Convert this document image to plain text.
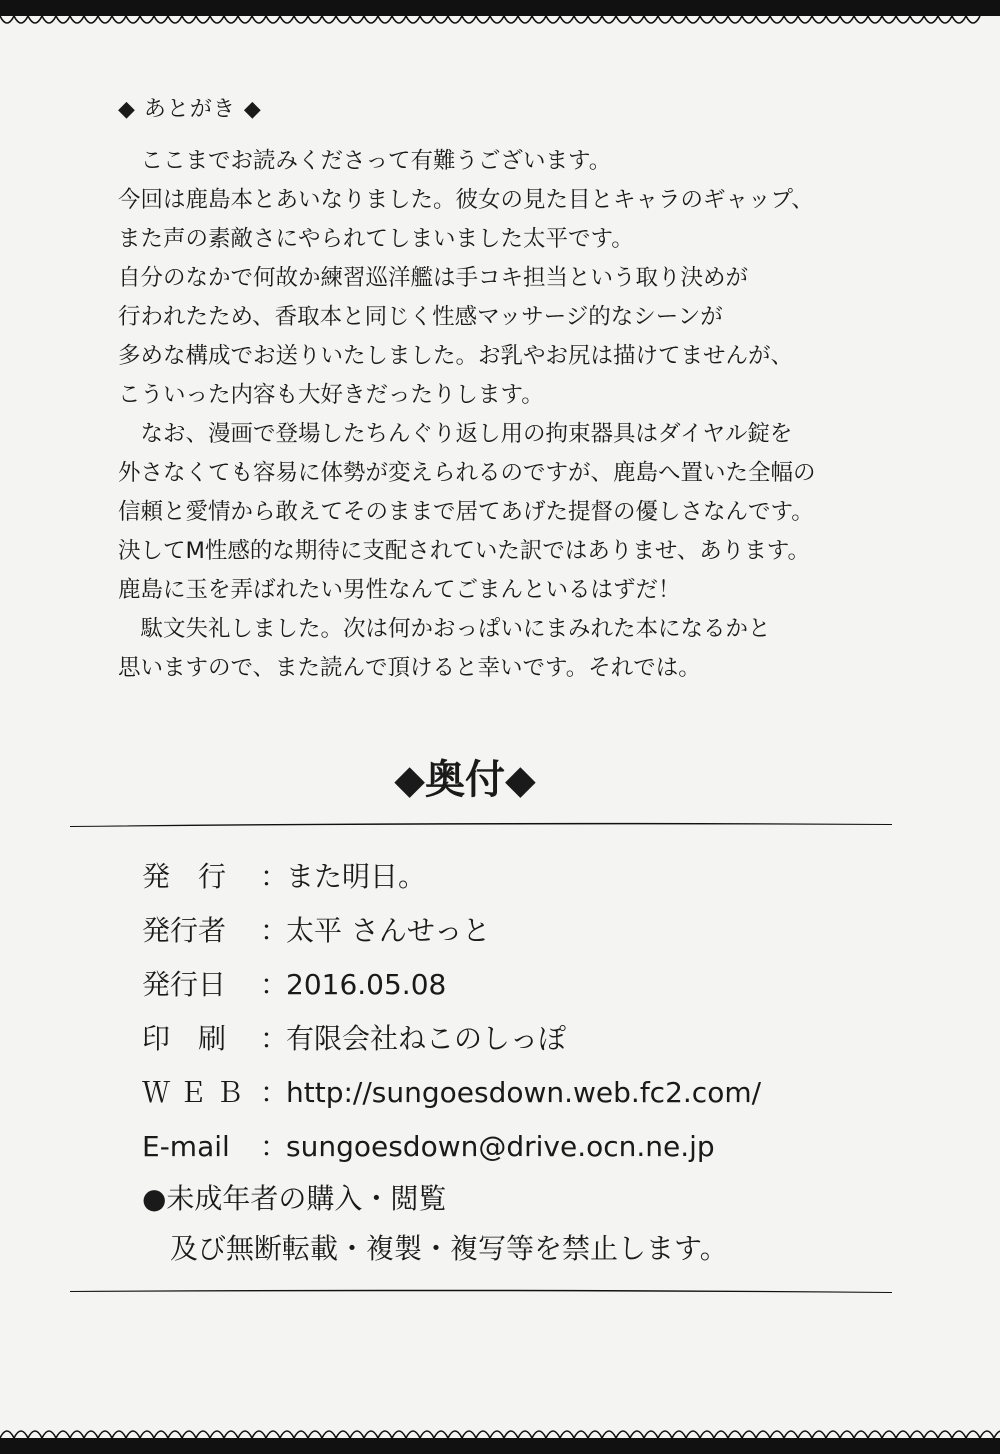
◆ あとがき ◆
　ここまでお読みくださって有難うございます。
今回は鹿島本とあいなりました。彼女の見た目とキャラのギャップ、
また声の素敵さにやられてしまいました太平です。
自分のなかで何故か練習巡洋艦は手コキ担当という取り決めが
行われたため、香取本と同じく性感マッサージ的なシーンが
多めな構成でお送りいたしました。お乳やお尻は描けてませんが、
こういった内容も大好きだったりします。
　なお、漫画で登場したちんぐり返し用の拘束器具はダイヤル錠を
外さなくても容易に体勢が変えられるのですが、鹿島へ置いた全幅の
信頼と愛情から敢えてそのままで居てあげた提督の優しさなんです。
決してM性感的な期待に支配されていた訳ではありませ、あります。
鹿島に玉を弄ばれたい男性なんてごまんといるはずだ！
　駄文失礼しました。次は何かおっぱいにまみれた本になるかと
思いますので、また読んで頂けると幸いです。それでは。
◆奥付◆
発　行 ：また明日。
発行者 ：太平 さんせっと
発行日 ：2016.05.08
印　刷 ：有限会社ねこのしっぽ
Ｗ Ｅ Ｂ ：http://sungoesdown.web.fc2.com/
E-mail ：sungoesdown@drive.ocn.ne.jp
●未成年者の購入・閲覧
及び無断転載・複製・複写等を禁止します。
